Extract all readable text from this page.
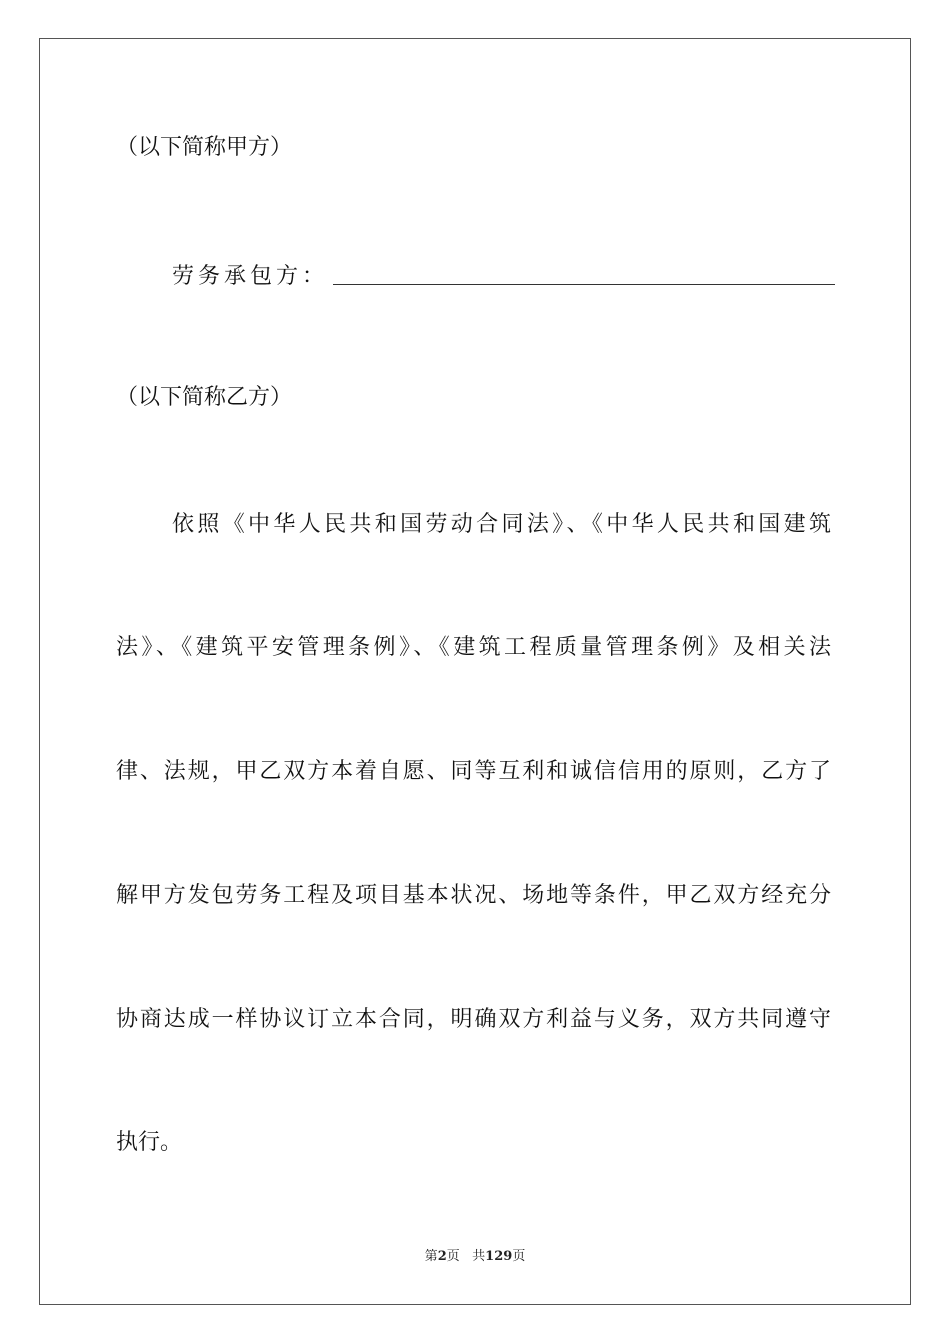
（以下简称甲方）
劳务承包方：
（以下简称乙方）
依照《中华人民共和国劳动合同法》、《中华人民共和国建筑
法》、《建筑平安管理条例》、《建筑工程质量管理条例》及相关法
律、法规，甲乙双方本着自愿、同等互利和诚信信用的原则，乙方了
解甲方发包劳务工程及项目基本状况、场地等条件，甲乙双方经充分
协商达成一样协议订立本合同，明确双方利益与义务，双方共同遵守
执行。
第2页 共129页
